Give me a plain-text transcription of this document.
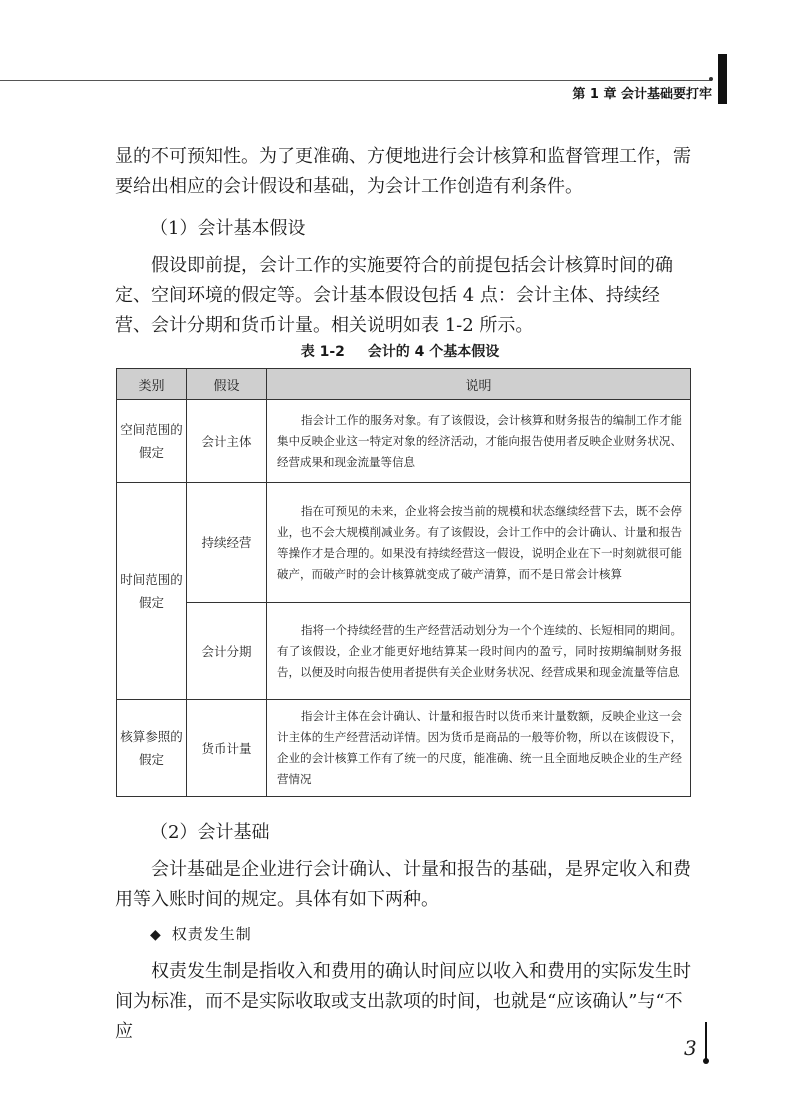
第 1 章 会计基础要打牢

显的不可预知性。为了更准确、方便地进行会计核算和监督管理工作，需要给出相应的会计假设和基础，为会计工作创造有利条件。

（1）会计基本假设

假设即前提，会计工作的实施要符合的前提包括会计核算时间的确定、空间环境的假定等。会计基本假设包括 4 点：会计主体、持续经营、会计分期和货币计量。相关说明如表 1-2 所示。

表 1-2 会计的 4 个基本假设
类别	假设	说明
空间范围的假定	会计主体	指会计工作的服务对象。有了该假设，会计核算和财务报告的编制工作才能集中反映企业这一特定对象的经济活动，才能向报告使用者反映企业财务状况、经营成果和现金流量等信息
时间范围的假定	持续经营	指在可预见的未来，企业将会按当前的规模和状态继续经营下去，既不会停业，也不会大规模削减业务。有了该假设，会计工作中的会计确认、计量和报告等操作才是合理的。如果没有持续经营这一假设，说明企业在下一时刻就很可能破产，而破产时的会计核算就变成了破产清算，而不是日常会计核算
	会计分期	指将一个持续经营的生产经营活动划分为一个个连续的、长短相同的期间。有了该假设，企业才能更好地结算某一段时间内的盈亏，同时按期编制财务报告，以便及时向报告使用者提供有关企业财务状况、经营成果和现金流量等信息
核算参照的假定	货币计量	指会计主体在会计确认、计量和报告时以货币来计量数额，反映企业这一会计主体的生产经营活动详情。因为货币是商品的一般等价物，所以在该假设下，企业的会计核算工作有了统一的尺度，能准确、统一且全面地反映企业的生产经营情况
（2）会计基础

会计基础是企业进行会计确认、计量和报告的基础，是界定收入和费用等入账时间的规定。具体有如下两种。

◆ 权责发生制

权责发生制是指收入和费用的确认时间应以收入和费用的实际发生时间为标准，而不是实际收取或支出款项的时间，也就是“应该确认”与“不应

3
